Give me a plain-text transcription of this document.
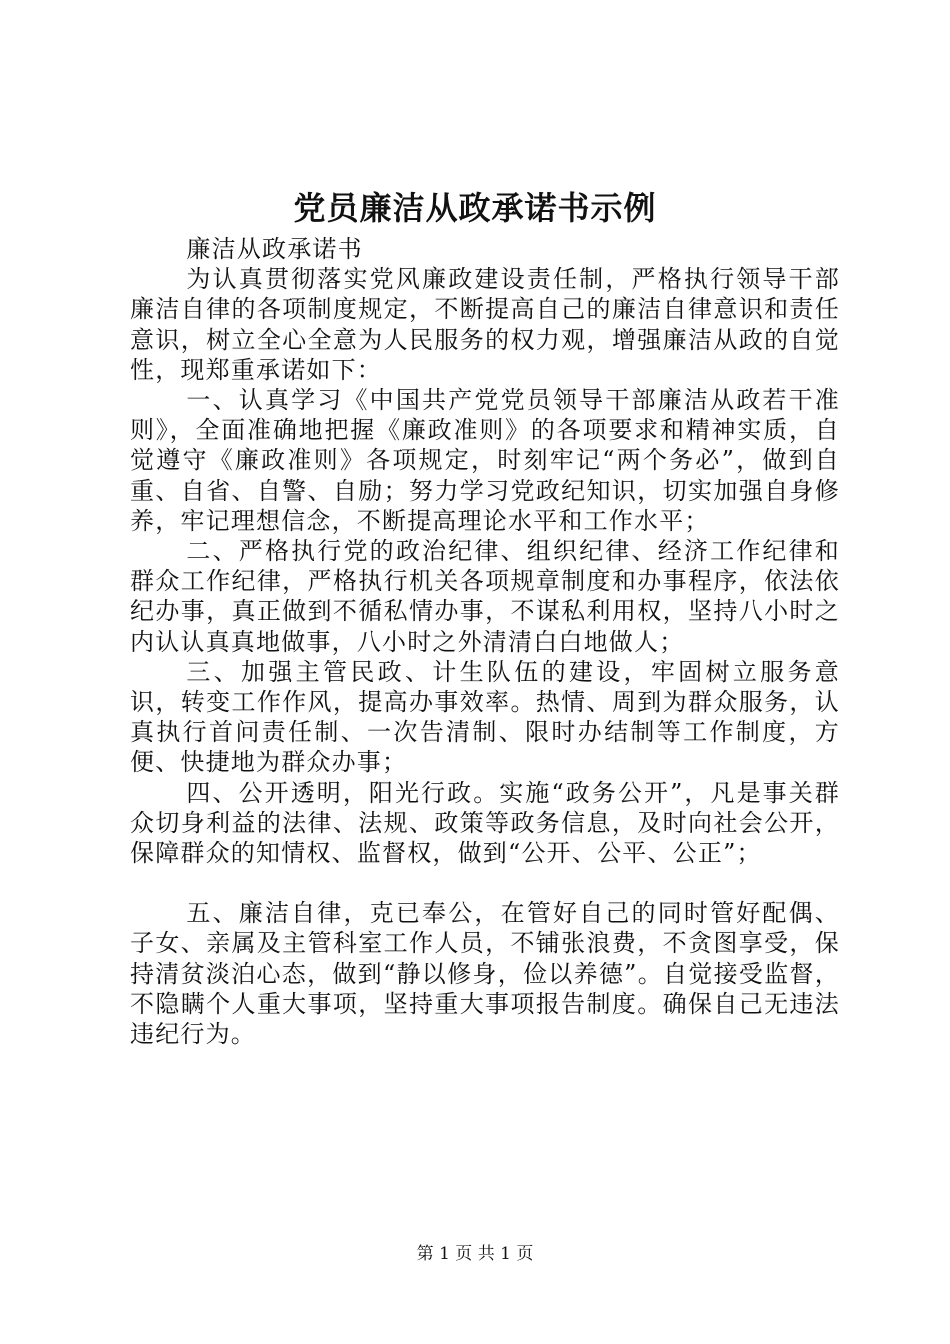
党员廉洁从政承诺书示例

廉洁从政承诺书

为认真贯彻落实党风廉政建设责任制，严格执行领导干部廉洁自律的各项制度规定，不断提高自己的廉洁自律意识和责任意识，树立全心全意为人民服务的权力观，增强廉洁从政的自觉性，现郑重承诺如下：

一、认真学习《中国共产党党员领导干部廉洁从政若干准则》，全面准确地把握《廉政准则》的各项要求和精神实质，自觉遵守《廉政准则》各项规定，时刻牢记“两个务必”，做到自重、自省、自警、自励；努力学习党政纪知识，切实加强自身修养，牢记理想信念，不断提高理论水平和工作水平；

二、严格执行党的政治纪律、组织纪律、经济工作纪律和群众工作纪律，严格执行机关各项规章制度和办事程序，依法依纪办事，真正做到不循私情办事，不谋私利用权，坚持八小时之内认认真真地做事，八小时之外清清白白地做人；

三、加强主管民政、计生队伍的建设，牢固树立服务意识，转变工作作风，提高办事效率。热情、周到为群众服务，认真执行首问责任制、一次告清制、限时办结制等工作制度，方便、快捷地为群众办事；

四、公开透明，阳光行政。实施“政务公开”，凡是事关群众切身利益的法律、法规、政策等政务信息，及时向社会公开，保障群众的知情权、监督权，做到“公开、公平、公正”；

五、廉洁自律，克已奉公，在管好自己的同时管好配偶、子女、亲属及主管科室工作人员，不铺张浪费，不贪图享受，保持清贫淡泊心态，做到“静以修身，俭以养德”。自觉接受监督，不隐瞒个人重大事项，坚持重大事项报告制度。确保自己无违法违纪行为。

第 1 页 共 1 页
